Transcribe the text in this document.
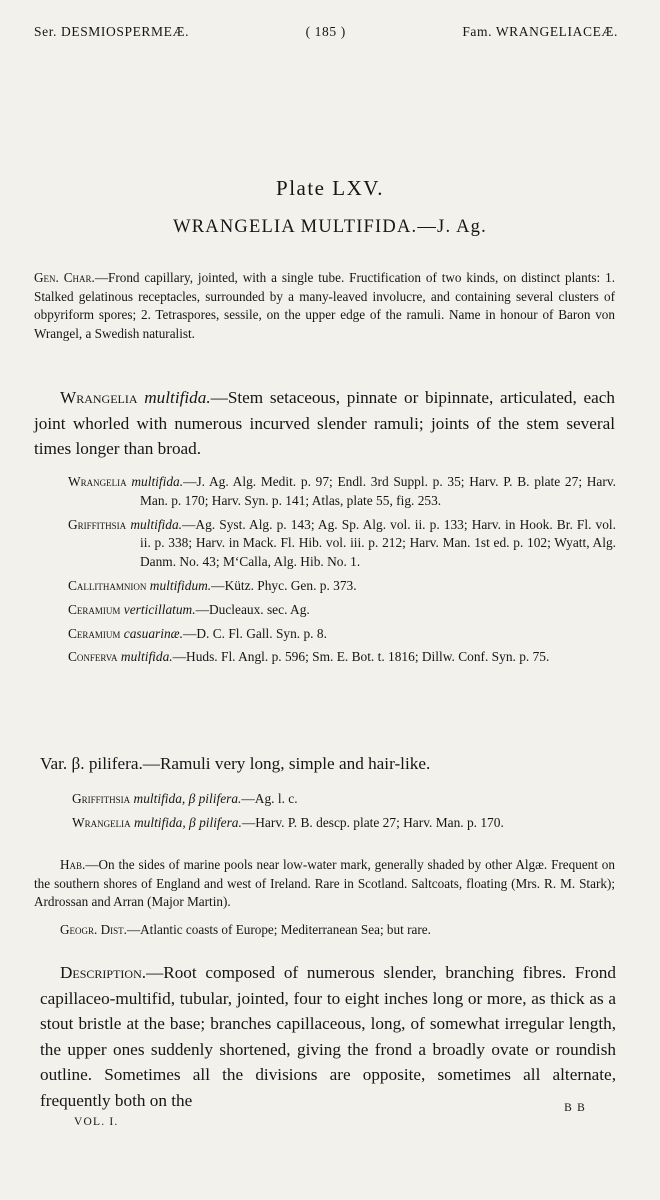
Ser. DESMIOSPERMEÆ.	( 185 )	Fam. WRANGELIACEÆ.
Plate LXV.
WRANGELIA MULTIFIDA.—J. Ag.

Gen. Char.—Frond capillary, jointed, with a single tube. Fructification of two kinds, on distinct plants: 1. Stalked gelatinous receptacles, surrounded by a many-leaved involucre, and containing several clusters of obpyriform spores; 2. Tetraspores, sessile, on the upper edge of the ramuli. Name in honour of Baron von Wrangel, a Swedish naturalist.

Wrangelia multifida.—Stem setaceous, pinnate or bipinnate, articulated, each joint whorled with numerous incurved slender ramuli; joints of the stem several times longer than broad.

Wrangelia multifida.—J. Ag. Alg. Medit. p. 97; Endl. 3rd Suppl. p. 35; Harv. P. B. plate 27; Harv. Man. p. 170; Harv. Syn. p. 141; Atlas, plate 55, fig. 253.
Griffithsia multifida.—Ag. Syst. Alg. p. 143; Ag. Sp. Alg. vol. ii. p. 133; Harv. in Hook. Br. Fl. vol. ii. p. 338; Harv. in Mack. Fl. Hib. vol. iii. p. 212; Harv. Man. 1st ed. p. 102; Wyatt, Alg. Danm. No. 43; M‘Calla, Alg. Hib. No. 1.
Callithamnion multifidum.—Kütz. Phyc. Gen. p. 373.
Ceramium verticillatum.—Ducleaux. sec. Ag.
Ceramium casuarinæ.—D. C. Fl. Gall. Syn. p. 8.
Conferva multifida.—Huds. Fl. Angl. p. 596; Sm. E. Bot. t. 1816; Dillw. Conf. Syn. p. 75.
Var. β. pilifera.—Ramuli very long, simple and hair-like.
Griffithsia multifida, β pilifera.—Ag. l. c.
Wrangelia multifida, β pilifera.—Harv. P. B. descp. plate 27; Harv. Man. p. 170.

Hab.—On the sides of marine pools near low-water mark, generally shaded by other Algæ. Frequent on the southern shores of England and west of Ireland. Rare in Scotland. Saltcoats, floating (Mrs. R. M. Stark); Ardrossan and Arran (Major Martin).

Geogr. Dist.—Atlantic coasts of Europe; Mediterranean Sea; but rare.

Description.—Root composed of numerous slender, branching fibres. Frond capillaceo-multifid, tubular, jointed, four to eight inches long or more, as thick as a stout bristle at the base; branches capillaceous, long, of somewhat irregular length, the upper ones suddenly shortened, giving the frond a broadly ovate or roundish outline. Sometimes all the divisions are opposite, sometimes all alternate, frequently both on the

VOL. I.
B B
